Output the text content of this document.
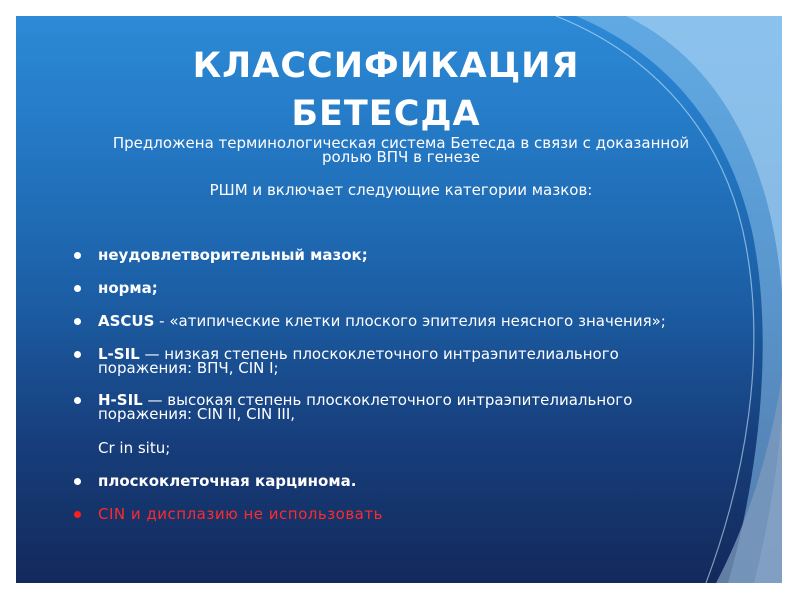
КЛАССИФИКАЦИЯ
БЕТЕСДА

Предложена терминологическая система Бетесда в связи с доказанной ролью ВПЧ в генезе

РШМ и включает следующие категории мазков:

неудовлетворительный мазок;
норма;
ASCUS - «атипические клетки плоского эпителия неясного значения»;
L-SIL — низкая степень плоскоклеточного интраэпителиального поражения: ВПЧ, CIN I;
H-SIL — высокая степень плоскоклеточного интраэпителиального поражения: CIN II, CIN III,
Cr in situ;
плоскоклеточная карцинома.
CIN и дисплазию не использовать
